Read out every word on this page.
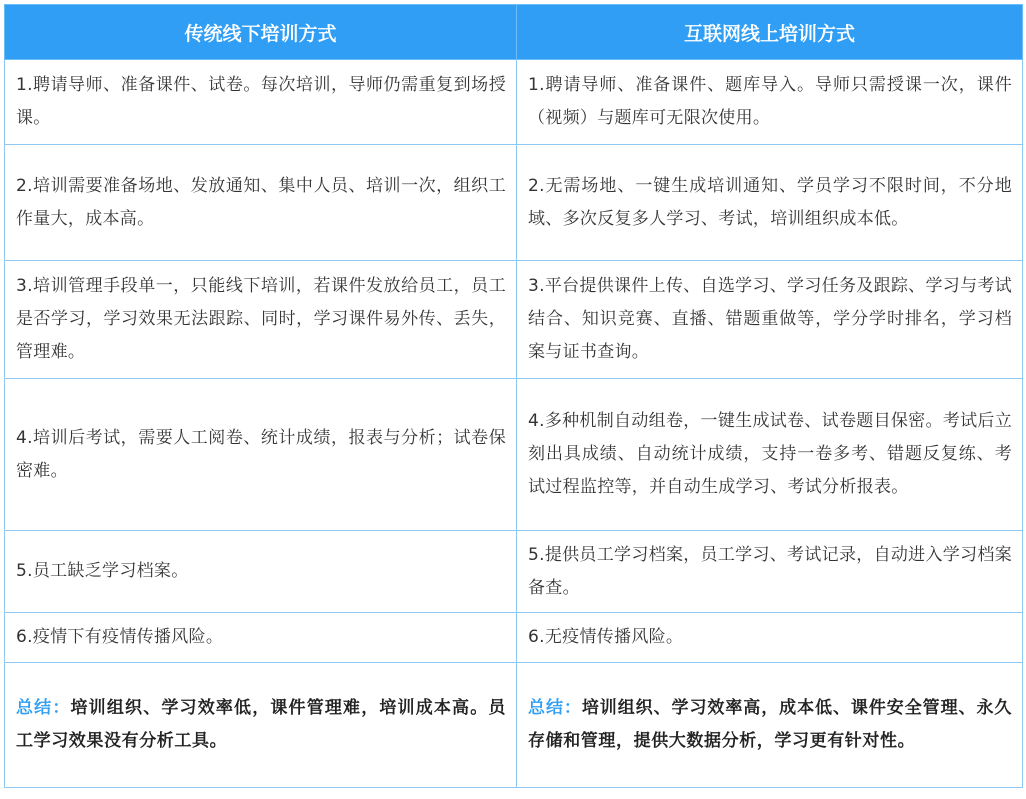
传统线下培训方式	互联网线上培训方式
1.聘请导师、准备课件、试卷。每次培训，导师仍需重复到场授课。	1.聘请导师、准备课件、题库导入。导师只需授课一次，课件（视频）与题库可无限次使用。
2.培训需要准备场地、发放通知、集中人员、培训一次，组织工作量大，成本高。	2.无需场地、一键生成培训通知、学员学习不限时间，不分地域、多次反复多人学习、考试，培训组织成本低。
3.培训管理手段单一，只能线下培训，若课件发放给员工，员工是否学习，学习效果无法跟踪、同时，学习课件易外传、丢失，管理难。	3.平台提供课件上传、自选学习、学习任务及跟踪、学习与考试结合、知识竞赛、直播、错题重做等，学分学时排名，学习档案与证书查询。
4.培训后考试，需要人工阅卷、统计成绩，报表与分析；试卷保密难。	4.多种机制自动组卷，一键生成试卷、试卷题目保密。考试后立刻出具成绩、自动统计成绩，支持一卷多考、错题反复练、考试过程监控等，并自动生成学习、考试分析报表。
5.员工缺乏学习档案。	5.提供员工学习档案，员工学习、考试记录，自动进入学习档案备查。
6.疫情下有疫情传播风险。	6.无疫情传播风险。
总结：培训组织、学习效率低，课件管理难，培训成本高。员工学习效果没有分析工具。	总结：培训组织、学习效率高，成本低、课件安全管理、永久存储和管理，提供大数据分析，学习更有针对性。
